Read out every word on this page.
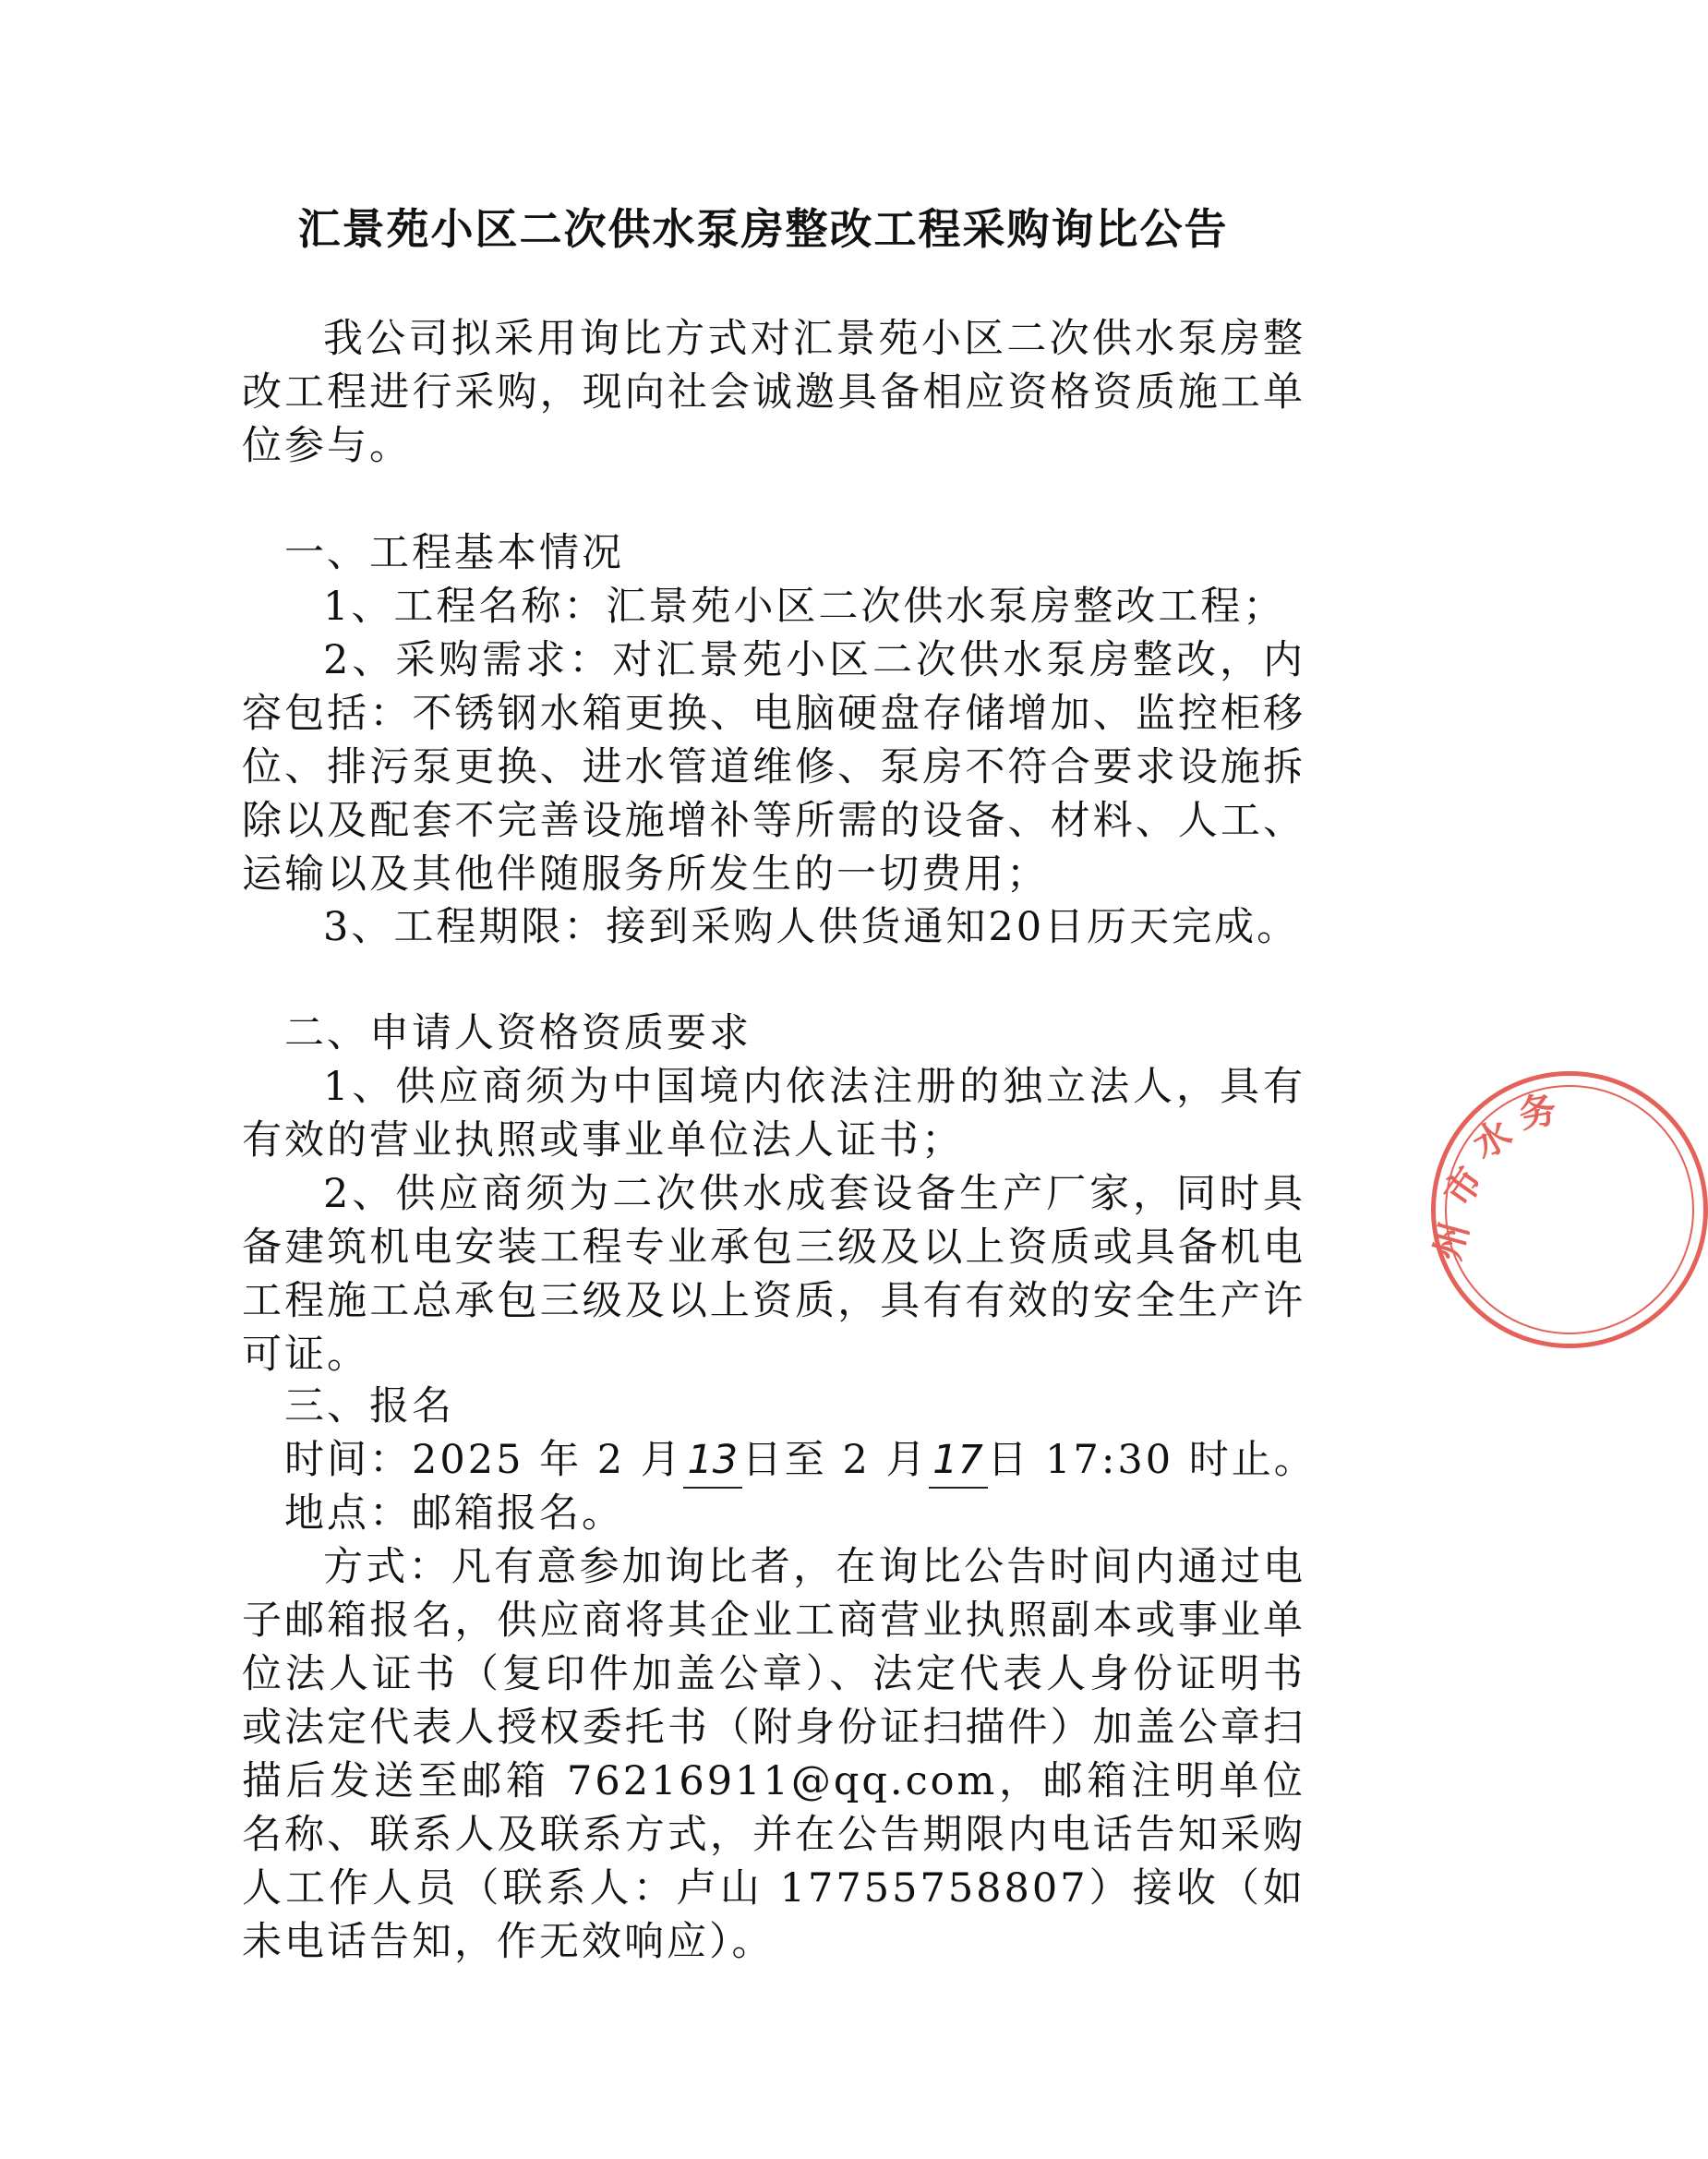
汇景苑小区二次供水泵房整改工程采购询比公告

我公司拟采用询比方式对汇景苑小区二次供水泵房整改工程进行采购，现向社会诚邀具备相应资格资质施工单位参与。

一、工程基本情况

1、工程名称：汇景苑小区二次供水泵房整改工程；

2、采购需求：对汇景苑小区二次供水泵房整改，内容包括：不锈钢水箱更换、电脑硬盘存储增加、监控柜移位、排污泵更换、进水管道维修、泵房不符合要求设施拆除以及配套不完善设施增补等所需的设备、材料、人工、运输以及其他伴随服务所发生的一切费用；

3、工程期限：接到采购人供货通知20日历天完成。

二、申请人资格资质要求

1、供应商须为中国境内依法注册的独立法人，具有有效的营业执照或事业单位法人证书；

2、供应商须为二次供水成套设备生产厂家，同时具备建筑机电安装工程专业承包三级及以上资质或具备机电工程施工总承包三级及以上资质，具有有效的安全生产许可证。

三、报名

时间：2025 年 2 月 13 日至 2 月 17 日 17:30 时止。

地点：邮箱报名。

方式：凡有意参加询比者，在询比公告时间内通过电子邮箱报名，供应商将其企业工商营业执照副本或事业单位法人证书（复印件加盖公章）、法定代表人身份证明书或法定代表人授权委托书（附身份证扫描件）加盖公章扫描后发送至邮箱 76216911@qq.com，邮箱注明单位名称、联系人及联系方式，并在公告期限内电话告知采购人工作人员（联系人：卢山 17755758807）接收（如未电话告知，作无效响应）。

州
市
水
务
